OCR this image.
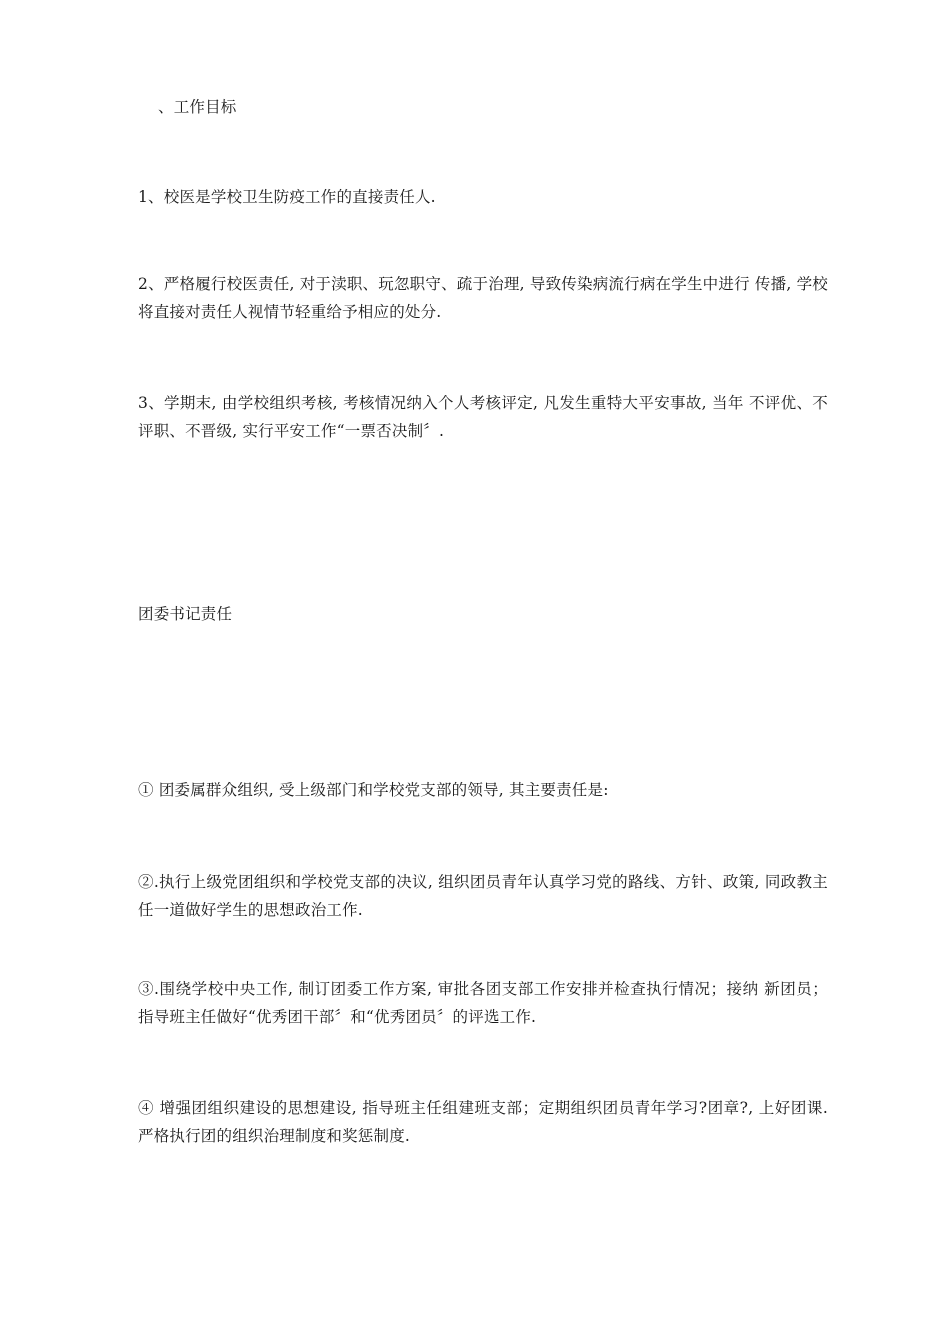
、工作目标
1、校医是学校卫生防疫工作的直接责任人.
2、严格履行校医责任, 对于渎职、玩忽职守、疏于治理, 导致传染病流行病在学生中进行 传播, 学校将直接对责任人视情节轻重给予相应的处分.
3、学期末, 由学校组织考核, 考核情况纳入个人考核评定, 凡发生重特大平安事故, 当年 不评优、不评职、不晋级, 实行平安工作“一票否决制〞.
团委书记责任
① 团委属群众组织, 受上级部门和学校党支部的领导, 其主要责任是:
②.执行上级党团组织和学校党支部的决议, 组织团员青年认真学习党的路线、方针、政策, 同政教主任一道做好学生的思想政治工作.
③.围绕学校中央工作, 制订团委工作方案, 审批各团支部工作安排并检查执行情况；接纳 新团员；指导班主任做好“优秀团干部〞和“优秀团员〞的评选工作.
④ 增强团组织建设的思想建设, 指导班主任组建班支部；定期组织团员青年学习?团章?, 上好团课. 严格执行团的组织治理制度和奖惩制度.
